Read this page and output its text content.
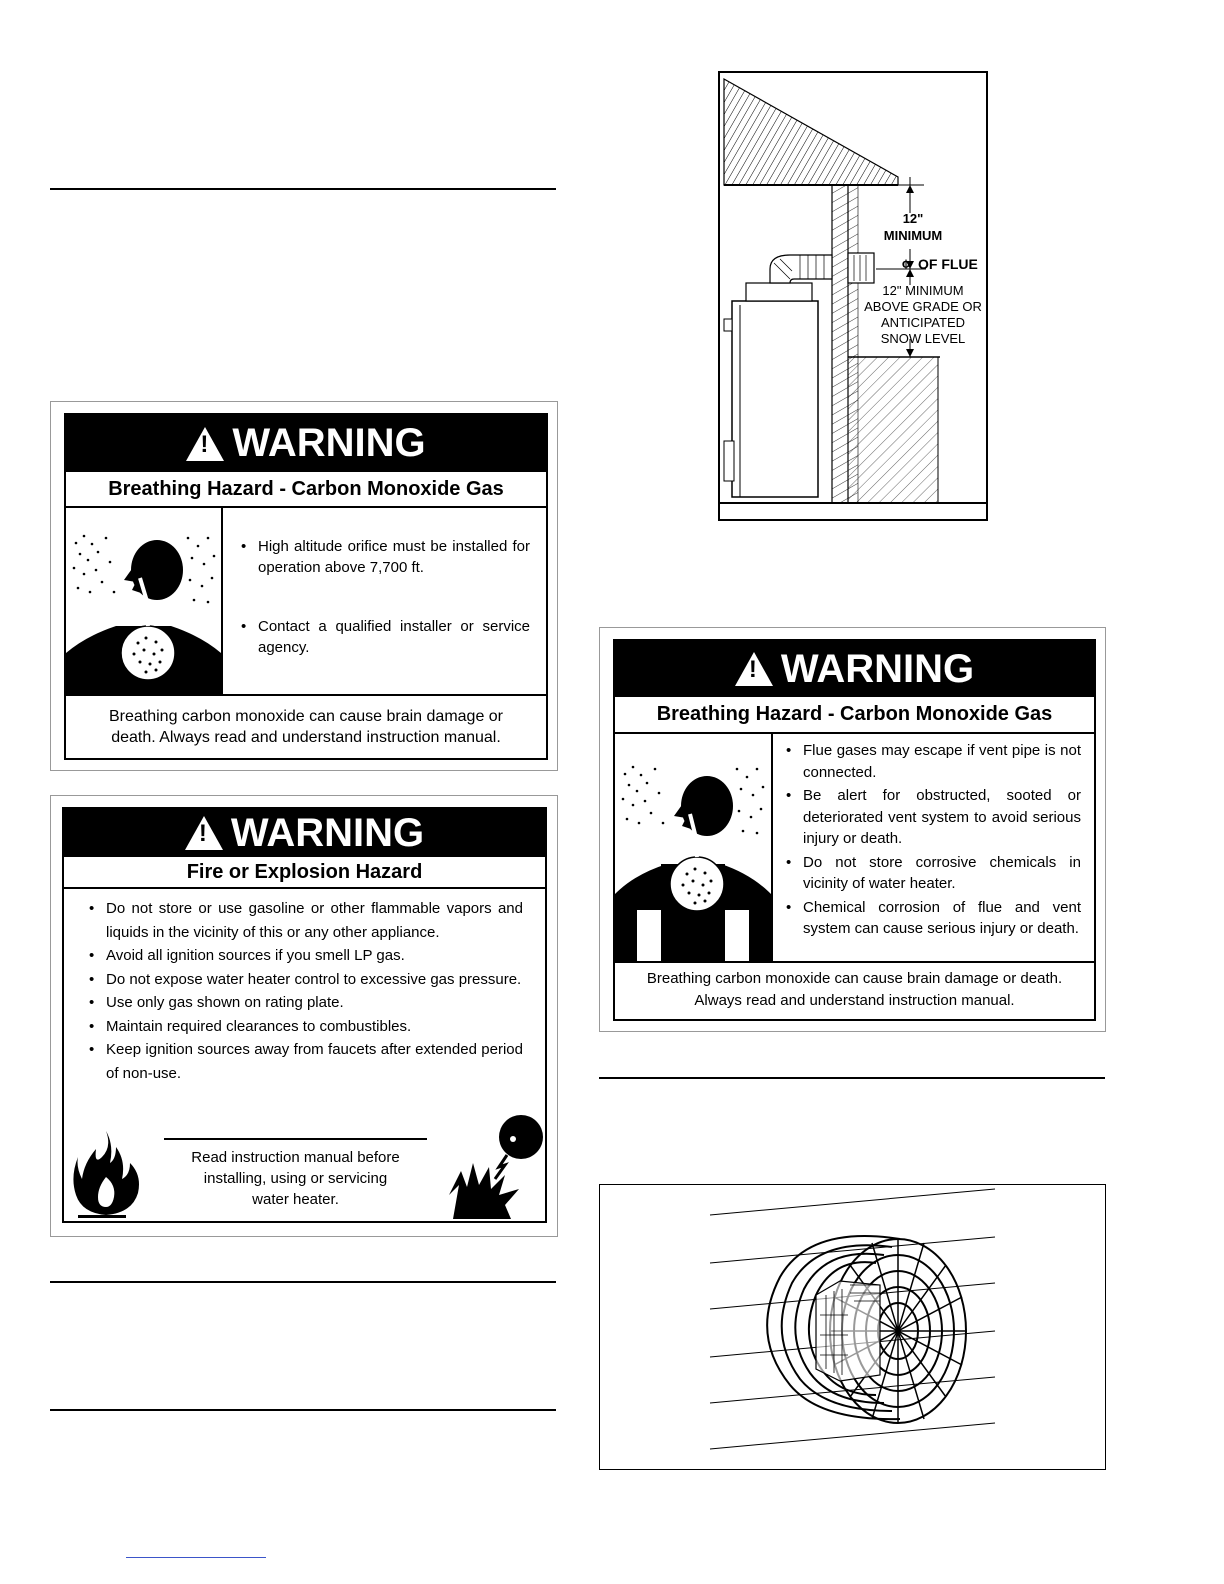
! WARNING
Breathing Hazard - Carbon Monoxide Gas
• High altitude orifice must be installed for operation above 7,700 ft.
• Contact a qualified installer or service agency.
Breathing carbon monoxide can cause brain damage or
death. Always read and understand instruction manual.
! WARNING
Fire or Explosion Hazard
• Do not store or use gasoline or other flammable vapors and liquids in the vicinity of this or any other appliance.
• Avoid all ignition sources if you smell LP gas.
• Do not expose water heater control to excessive gas pressure.
• Use only gas shown on rating plate.
• Maintain required clearances to combustibles.
• Keep ignition sources away from faucets after extended period of non-use.
Read instruction manual before
installing, using or servicing
water heater.
12"
MINIMUM
¢ OF FLUE
12" MINIMUM
ABOVE GRADE OR
ANTICIPATED
SNOW LEVEL
! WARNING
Breathing Hazard - Carbon Monoxide Gas
• Flue gases may escape if vent pipe is not connected.
• Be alert for obstructed, sooted or deteriorated vent system to avoid serious injury or death.
• Do not store corrosive chemicals in vicinity of water heater.
• Chemical corrosion of flue and vent system can cause serious injury or death.
Breathing carbon monoxide can cause brain damage or death.
Always read and understand instruction manual.
